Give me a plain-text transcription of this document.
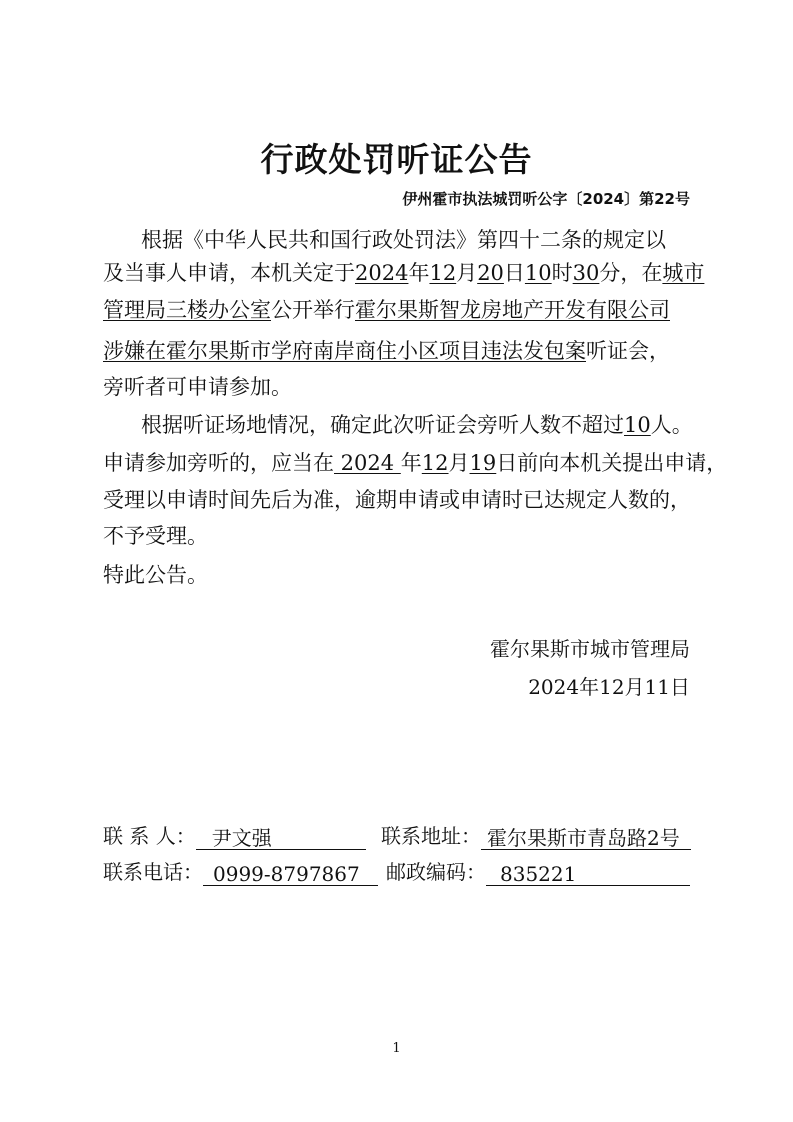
行政处罚听证公告
伊州霍市执法城罚听公字〔2024〕第22号
根据《中华人民共和国行政处罚法》第四十二条的规定以
及当事人申请，本机关定于2024年12月20日10时30分，在城市
管理局三楼办公室公开举行霍尔果斯智龙房地产开发有限公司
涉嫌在霍尔果斯市学府南岸商住小区项目违法发包案听证会，
旁听者可申请参加。
根据听证场地情况，确定此次听证会旁听人数不超过10人。
申请参加旁听的，应当在 2024 年12月19日前向本机关提出申请，
受理以申请时间先后为准，逾期申请或申请时已达规定人数的，
不予受理。
特此公告。
霍尔果斯市城市管理局
2024年12月11日
联 系 人： 尹文强	联系地址： 霍尔果斯市青岛路2号
联系电话： 0999-8797867	邮政编码： 835221
1
